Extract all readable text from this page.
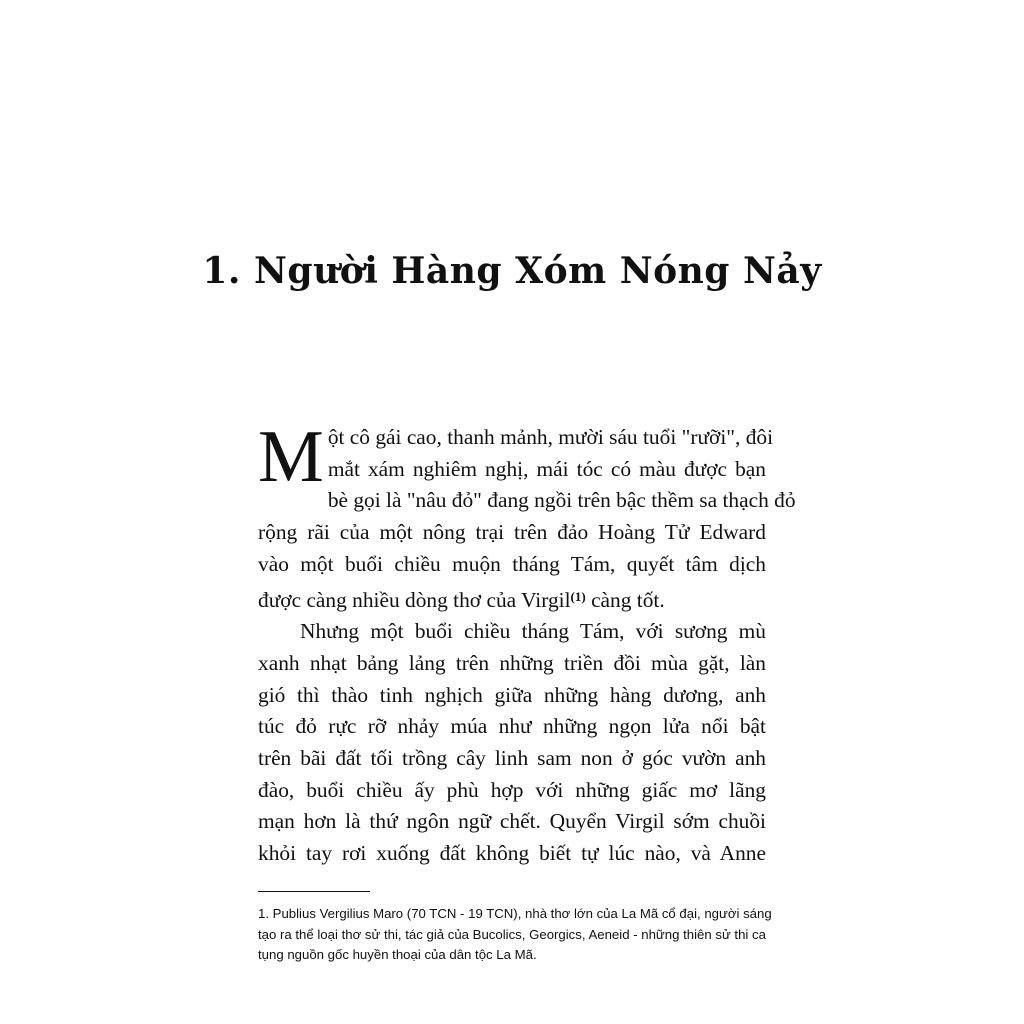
1. Người Hàng Xóm Nóng Nảy
M ột cô gái cao, thanh mảnh, mười sáu tuổi "rưỡi", đôi
mắt xám nghiêm nghị, mái tóc có màu được bạn
bè gọi là "nâu đỏ" đang ngồi trên bậc thềm sa thạch đỏ
rộng rãi của một nông trại trên đảo Hoàng Tử Edward
vào một buổi chiều muộn tháng Tám, quyết tâm dịch
được càng nhiều dòng thơ của Virgil$^{(1)}$ càng tốt.
Nhưng một buổi chiều tháng Tám, với sương mù
xanh nhạt bảng lảng trên những triền đồi mùa gặt, làn
gió thì thào tinh nghịch giữa những hàng dương, anh
túc đỏ rực rỡ nhảy múa như những ngọn lửa nổi bật
trên bãi đất tối trồng cây linh sam non ở góc vườn anh
đào, buổi chiều ấy phù hợp với những giấc mơ lãng
mạn hơn là thứ ngôn ngữ chết. Quyển Virgil sớm chuồi
khỏi tay rơi xuống đất không biết tự lúc nào, và Anne
1. Publius Vergilius Maro (70 TCN - 19 TCN), nhà thơ lớn của La Mã cổ đại, người sáng
tạo ra thể loại thơ sử thi, tác giả của Bucolics, Georgics, Aeneid - những thiên sử thi ca
tụng nguồn gốc huyền thoại của dân tộc La Mã.
